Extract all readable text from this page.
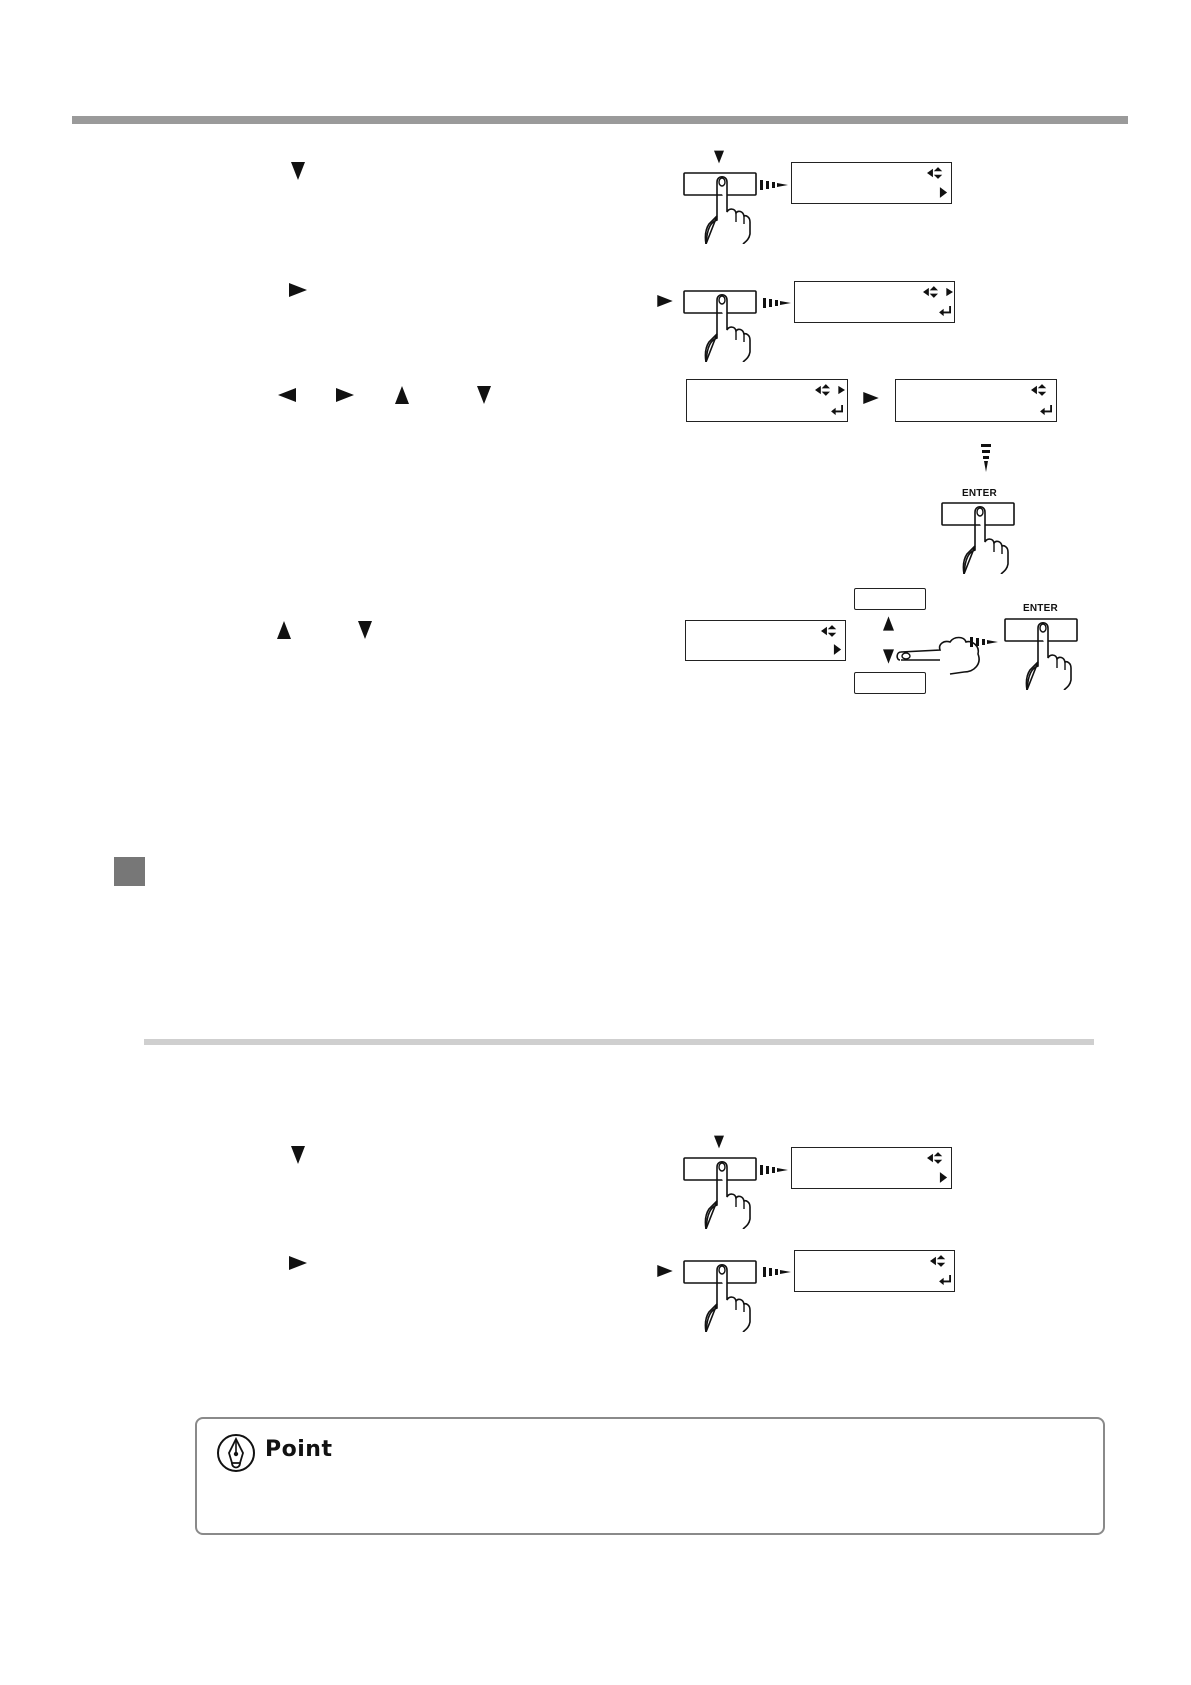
ENTER
ENTER
Point
